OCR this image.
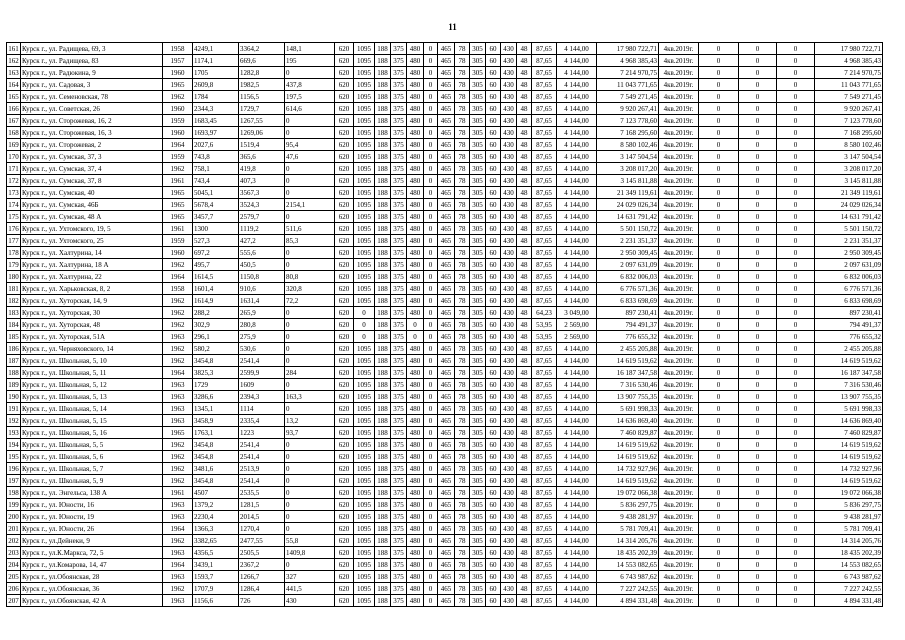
11
161	Курск г., ул. Радищева, 69, 3	1958	4249,1	3364,2	148,1	620	1095	188	375	480	0	465	78	305	60	430	48	87,65	4 144,00	17 980 722,71	4кв.2019г.	0	0	0	17 980 722,71
162	Курск г., ул. Радищева, 83	1957	1174,1	669,6	195	620	1095	188	375	480	0	465	78	305	60	430	48	87,65	4 144,00	4 968 385,43	4кв.2019г.	0	0	0	4 968 385,43
163	Курск г., ул. Радюкина, 9	1960	1705	1282,8	0	620	1095	188	375	480	0	465	78	305	60	430	48	87,65	4 144,00	7 214 970,75	4кв.2019г.	0	0	0	7 214 970,75
164	Курск г., ул. Садовая, 3	1965	2609,8	1982,5	437,8	620	1095	188	375	480	0	465	78	305	60	430	48	87,65	4 144,00	11 043 771,65	4кв.2019г.	0	0	0	11 043 771,65
165	Курск г., ул. Семеновская, 78	1962	1784	1156,5	197,5	620	1095	188	375	480	0	465	78	305	60	430	48	87,65	4 144,00	7 549 271,45	4кв.2019г.	0	0	0	7 549 271,45
166	Курск г., ул. Советская, 26	1960	2344,3	1729,7	614,6	620	1095	188	375	480	0	465	78	305	60	430	48	87,65	4 144,00	9 920 267,41	4кв.2019г.	0	0	0	9 920 267,41
167	Курск г., ул. Сторожевая, 16, 2	1959	1683,45	1267,55	0	620	1095	188	375	480	0	465	78	305	60	430	48	87,65	4 144,00	7 123 778,60	4кв.2019г.	0	0	0	7 123 778,60
168	Курск г., ул. Сторожевая, 16, 3	1960	1693,97	1269,06	0	620	1095	188	375	480	0	465	78	305	60	430	48	87,65	4 144,00	7 168 295,60	4кв.2019г.	0	0	0	7 168 295,60
169	Курск г., ул. Сторожевая, 2	1964	2027,6	1519,4	95,4	620	1095	188	375	480	0	465	78	305	60	430	48	87,65	4 144,00	8 580 102,46	4кв.2019г.	0	0	0	8 580 102,46
170	Курск г., ул. Сумская, 37, 3	1959	743,8	365,6	47,6	620	1095	188	375	480	0	465	78	305	60	430	48	87,65	4 144,00	3 147 504,54	4кв.2019г.	0	0	0	3 147 504,54
171	Курск г., ул. Сумская, 37, 4	1962	758,1	419,8	0	620	1095	188	375	480	0	465	78	305	60	430	48	87,65	4 144,00	3 208 017,20	4кв.2019г.	0	0	0	3 208 017,20
172	Курск г., ул. Сумская, 37, 8	1961	743,4	407,3	0	620	1095	188	375	480	0	465	78	305	60	430	48	87,65	4 144,00	3 145 811,88	4кв.2019г.	0	0	0	3 145 811,88
173	Курск г., ул. Сумская, 40	1965	5045,1	3567,3	0	620	1095	188	375	480	0	465	78	305	60	430	48	87,65	4 144,00	21 349 119,61	4кв.2019г.	0	0	0	21 349 119,61
174	Курск г., ул. Сумская, 46Б	1965	5678,4	3524,3	2154,1	620	1095	188	375	480	0	465	78	305	60	430	48	87,65	4 144,00	24 029 026,34	4кв.2019г.	0	0	0	24 029 026,34
175	Курск г., ул. Сумская, 48 А	1965	3457,7	2579,7	0	620	1095	188	375	480	0	465	78	305	60	430	48	87,65	4 144,00	14 631 791,42	4кв.2019г.	0	0	0	14 631 791,42
176	Курск г., ул. Ухтомского, 19, 5	1961	1300	1119,2	511,6	620	1095	188	375	480	0	465	78	305	60	430	48	87,65	4 144,00	5 501 150,72	4кв.2019г.	0	0	0	5 501 150,72
177	Курск г., ул. Ухтомского, 25	1959	527,3	427,2	85,3	620	1095	188	375	480	0	465	78	305	60	430	48	87,65	4 144,00	2 231 351,37	4кв.2019г.	0	0	0	2 231 351,37
178	Курск г., ул. Халтурина, 14	1960	697,2	555,6	0	620	1095	188	375	480	0	465	78	305	60	430	48	87,65	4 144,00	2 950 309,45	4кв.2019г.	0	0	0	2 950 309,45
179	Курск г., ул. Халтурина, 18 А	1962	495,7	450,5	0	620	1095	188	375	480	0	465	78	305	60	430	48	87,65	4 144,00	2 097 631,09	4кв.2019г.	0	0	0	2 097 631,09
180	Курск г., ул. Халтурина, 22	1964	1614,5	1150,8	80,8	620	1095	188	375	480	0	465	78	305	60	430	48	87,65	4 144,00	6 832 006,03	4кв.2019г.	0	0	0	6 832 006,03
181	Курск г., ул. Харьковская, 8, 2	1958	1601,4	910,6	320,8	620	1095	188	375	480	0	465	78	305	60	430	48	87,65	4 144,00	6 776 571,36	4кв.2019г.	0	0	0	6 776 571,36
182	Курск г., ул. Хуторская, 14, 9	1962	1614,9	1631,4	72,2	620	1095	188	375	480	0	465	78	305	60	430	48	87,65	4 144,00	6 833 698,69	4кв.2019г.	0	0	0	6 833 698,69
183	Курск г., ул. Хуторская, 30	1962	288,2	265,9	0	620	0	188	375	480	0	465	78	305	60	430	48	64,23	3 049,00	897 230,41	4кв.2019г.	0	0	0	897 230,41
184	Курск г., ул. Хуторская, 48	1962	302,9	280,8	0	620	0	188	375	0	0	465	78	305	60	430	48	53,95	2 569,00	794 491,37	4кв.2019г.	0	0	0	794 491,37
185	Курск г., ул. Хуторская, 51А	1963	296,1	275,9	0	620	0	188	375	0	0	465	78	305	60	430	48	53,95	2 569,00	776 655,32	4кв.2019г.	0	0	0	776 655,32
186	Курск г., ул. Черняховского, 14	1962	580,2	530,6	0	620	1095	188	375	480	0	465	78	305	60	430	48	87,65	4 144,00	2 455 205,88	4кв.2019г.	0	0	0	2 455 205,88
187	Курск г., ул. Школьная, 5, 10	1962	3454,8	2541,4	0	620	1095	188	375	480	0	465	78	305	60	430	48	87,65	4 144,00	14 619 519,62	4кв.2019г.	0	0	0	14 619 519,62
188	Курск г., ул. Школьная, 5, 11	1964	3825,3	2599,9	284	620	1095	188	375	480	0	465	78	305	60	430	48	87,65	4 144,00	16 187 347,58	4кв.2019г.	0	0	0	16 187 347,58
189	Курск г., ул. Школьная, 5, 12	1963	1729	1609	0	620	1095	188	375	480	0	465	78	305	60	430	48	87,65	4 144,00	7 316 530,46	4кв.2019г.	0	0	0	7 316 530,46
190	Курск г., ул. Школьная, 5, 13	1963	3286,6	2394,3	163,3	620	1095	188	375	480	0	465	78	305	60	430	48	87,65	4 144,00	13 907 755,35	4кв.2019г.	0	0	0	13 907 755,35
191	Курск г., ул. Школьная, 5, 14	1963	1345,1	1114	0	620	1095	188	375	480	0	465	78	305	60	430	48	87,65	4 144,00	5 691 998,33	4кв.2019г.	0	0	0	5 691 998,33
192	Курск г., ул. Школьная, 5, 15	1963	3458,9	2335,4	13,2	620	1095	188	375	480	0	465	78	305	60	430	48	87,65	4 144,00	14 636 869,40	4кв.2019г.	0	0	0	14 636 869,40
193	Курск г., ул. Школьная, 5, 16	1965	1763,1	1223	93,7	620	1095	188	375	480	0	465	78	305	60	430	48	87,65	4 144,00	7 460 829,87	4кв.2019г.	0	0	0	7 460 829,87
194	Курск г., ул. Школьная, 5, 5	1962	3454,8	2541,4	0	620	1095	188	375	480	0	465	78	305	60	430	48	87,65	4 144,00	14 619 519,62	4кв.2019г.	0	0	0	14 619 519,62
195	Курск г., ул. Школьная, 5, 6	1962	3454,8	2541,4	0	620	1095	188	375	480	0	465	78	305	60	430	48	87,65	4 144,00	14 619 519,62	4кв.2019г.	0	0	0	14 619 519,62
196	Курск г., ул. Школьная, 5, 7	1962	3481,6	2513,9	0	620	1095	188	375	480	0	465	78	305	60	430	48	87,65	4 144,00	14 732 927,96	4кв.2019г.	0	0	0	14 732 927,96
197	Курск г., ул. Школьная, 5, 9	1962	3454,8	2541,4	0	620	1095	188	375	480	0	465	78	305	60	430	48	87,65	4 144,00	14 619 519,62	4кв.2019г.	0	0	0	14 619 519,62
198	Курск г., ул. Энгельса, 138 А	1961	4507	2535,5	0	620	1095	188	375	480	0	465	78	305	60	430	48	87,65	4 144,00	19 072 066,38	4кв.2019г.	0	0	0	19 072 066,38
199	Курск г., ул. Юности, 16	1963	1379,2	1281,5	0	620	1095	188	375	480	0	465	78	305	60	430	48	87,65	4 144,00	5 836 297,75	4кв.2019г.	0	0	0	5 836 297,75
200	Курск г., ул. Юности, 19	1963	2230,4	2014,5	0	620	1095	188	375	480	0	465	78	305	60	430	48	87,65	4 144,00	9 438 281,97	4кв.2019г.	0	0	0	9 438 281,97
201	Курск г., ул. Юности, 26	1964	1366,3	1270,4	0	620	1095	188	375	480	0	465	78	305	60	430	48	87,65	4 144,00	5 781 709,41	4кв.2019г.	0	0	0	5 781 709,41
202	Курск г., ул.Дейнеки, 9	1962	3382,65	2477,55	55,8	620	1095	188	375	480	0	465	78	305	60	430	48	87,65	4 144,00	14 314 205,76	4кв.2019г.	0	0	0	14 314 205,76
203	Курск г., ул.К.Маркса, 72, 5	1963	4356,5	2505,5	1409,8	620	1095	188	375	480	0	465	78	305	60	430	48	87,65	4 144,00	18 435 202,39	4кв.2019г.	0	0	0	18 435 202,39
204	Курск г., ул.Комарова, 14, 47	1964	3439,1	2367,2	0	620	1095	188	375	480	0	465	78	305	60	430	48	87,65	4 144,00	14 553 082,65	4кв.2019г.	0	0	0	14 553 082,65
205	Курск г., ул.Обоянская, 28	1963	1593,7	1266,7	327	620	1095	188	375	480	0	465	78	305	60	430	48	87,65	4 144,00	6 743 987,62	4кв.2019г.	0	0	0	6 743 987,62
206	Курск г., ул.Обоянская, 36	1962	1707,9	1286,4	441,5	620	1095	188	375	480	0	465	78	305	60	430	48	87,65	4 144,00	7 227 242,55	4кв.2019г.	0	0	0	7 227 242,55
207	Курск г., ул.Обоянская, 42 А	1963	1156,6	726	430	620	1095	188	375	480	0	465	78	305	60	430	48	87,65	4 144,00	4 894 331,48	4кв.2019г.	0	0	0	4 894 331,48
